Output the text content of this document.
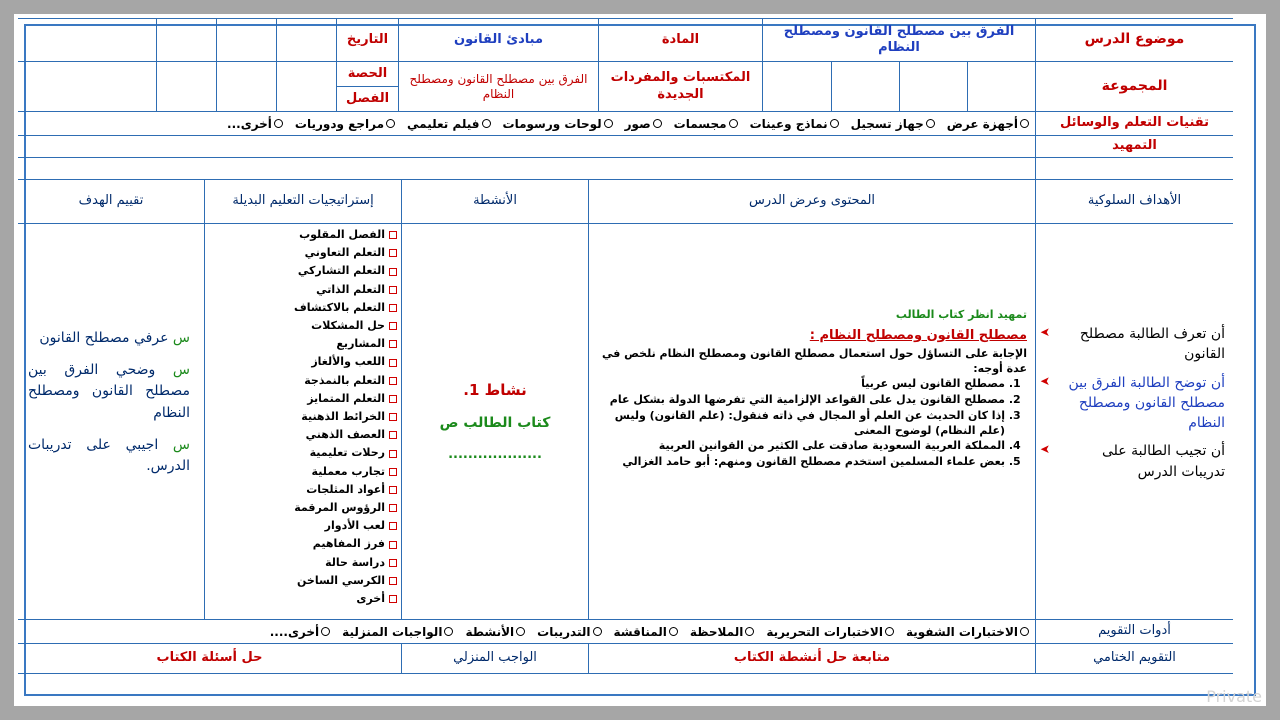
موضوع الدرس
الفرق بين مصطلح القانون ومصطلح النظام
المادة
مبادئ القانون
التاريخ
المجموعة
المكتسبات والمفردات الجديدة
الفرق بين مصطلح القانون ومصطلح النظام
الحصة
الفصل
تقنيات التعلم والوسائل
أجهزة عرض
جهاز تسجيل
نماذج وعينات
مجسمات
صور
لوحات ورسومات
فيلم تعليمي
مراجع ودوريات
أخرى...
التمهيد
الأهداف السلوكية
المحتوى وعرض الدرس
الأنشطة
إستراتيجيات التعليم البديلة
تقييم الهدف
أن تعرف الطالبة مصطلح القانون
➤
أن توضح الطالبة الفرق بين مصطلح القانون ومصطلح النظام
➤
أن تجيب الطالبة على تدريبات الدرس
➤
تمهيد انظر كتاب الطالب
مصطلح القانون ومصطلح النظام :
الإجابة على التساؤل حول استعمال مصطلح القانون ومصطلح النظام نلخص في عدة أوجه:
1. مصطلح القانون ليس عربياً
2. مصطلح القانون يدل على القواعد الإلزامية التي تفرضها الدولة بشكل عام
3. إذا كان الحديث عن العلم أو المجال في ذاته فنقول: (علم القانون) وليس (علم النظام) لوضوح المعنى
4. المملكة العربية السعودية صادقت على الكثير من القوانين العربية
5. بعض علماء المسلمين استخدم مصطلح القانون ومنهم: أبو حامد الغزالي
نشاط 1.
كتاب الطالب ص
...................
الفصل المقلوب
التعلم التعاوني
التعلم التشاركي
التعلم الذاتي
التعلم بالاكتشاف
حل المشكلات
المشاريع
اللعب والألغاز
التعلم بالنمذجة
التعلم المتمايز
الخرائط الذهنية
العصف الذهني
رحلات تعليمية
تجارب معملية
أعواد المثلجات
الرؤوس المرقمة
لعب الأدوار
فرز المفاهيم
دراسة حالة
الكرسي الساخن
أخرى
س عرفي مصطلح القانون
س وضحي الفرق بين مصطلح القانون ومصطلح النظام
س اجيبي على تدريبات الدرس.
أدوات التقويم
الاختبارات الشفوية
الاختبارات التحريرية
الملاحظة
المناقشة
التدريبات
الأنشطة
الواجبات المنزلية
أخرى....
التقويم الختامي
متابعة حل أنشطة الكتاب
الواجب المنزلي
حل أسئلة الكتاب
Private
